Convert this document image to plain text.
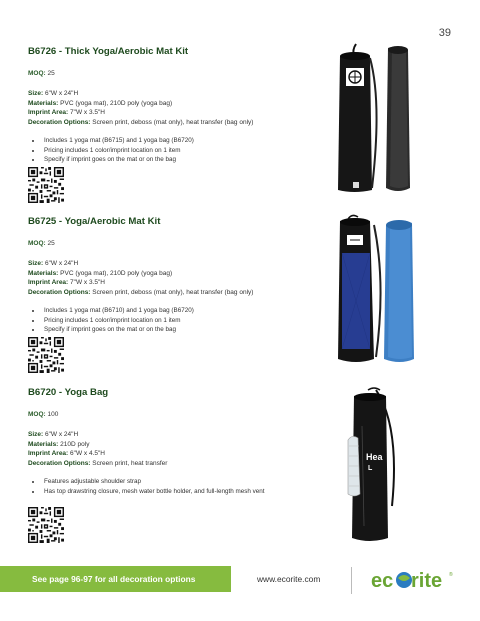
39
B6726 - Thick Yoga/Aerobic Mat Kit
MOQ: 25
Size: 6"W x 24"H
Materials: PVC (yoga mat), 210D poly (yoga bag)
Imprint Area: 7"W x 3.5"H
Decoration Options: Screen print, deboss (mat only), heat transfer (bag only)
• Includes 1 yoga mat (B6715) and 1 yoga bag (B6720)
• Pricing includes 1 color/imprint location on 1 item
• Specify if imprint goes on the mat or on the bag
B6725 - Yoga/Aerobic Mat Kit
MOQ: 25
Size: 6"W x 24"H
Materials: PVC (yoga mat), 210D poly (yoga bag)
Imprint Area: 7"W x 3.5"H
Decoration Options: Screen print, deboss (mat only), heat transfer (bag only)
• Includes 1 yoga mat (B6710) and 1 yoga bag (B6720)
• Pricing includes 1 color/imprint location on 1 item
• Specify if imprint goes on the mat or on the bag
B6720 - Yoga Bag
MOQ: 100
Size: 6"W x 24"H
Materials: 210D poly
Imprint Area: 6"W x 4.5"H
Decoration Options: Screen print, heat transfer
• Features adjustable shoulder strap
• Has top drawstring closure, mesh water bottle holder, and full-length mesh vent
Hea
L
See page 96-97 for all decoration options	www.ecorite.com	ec rite ®
